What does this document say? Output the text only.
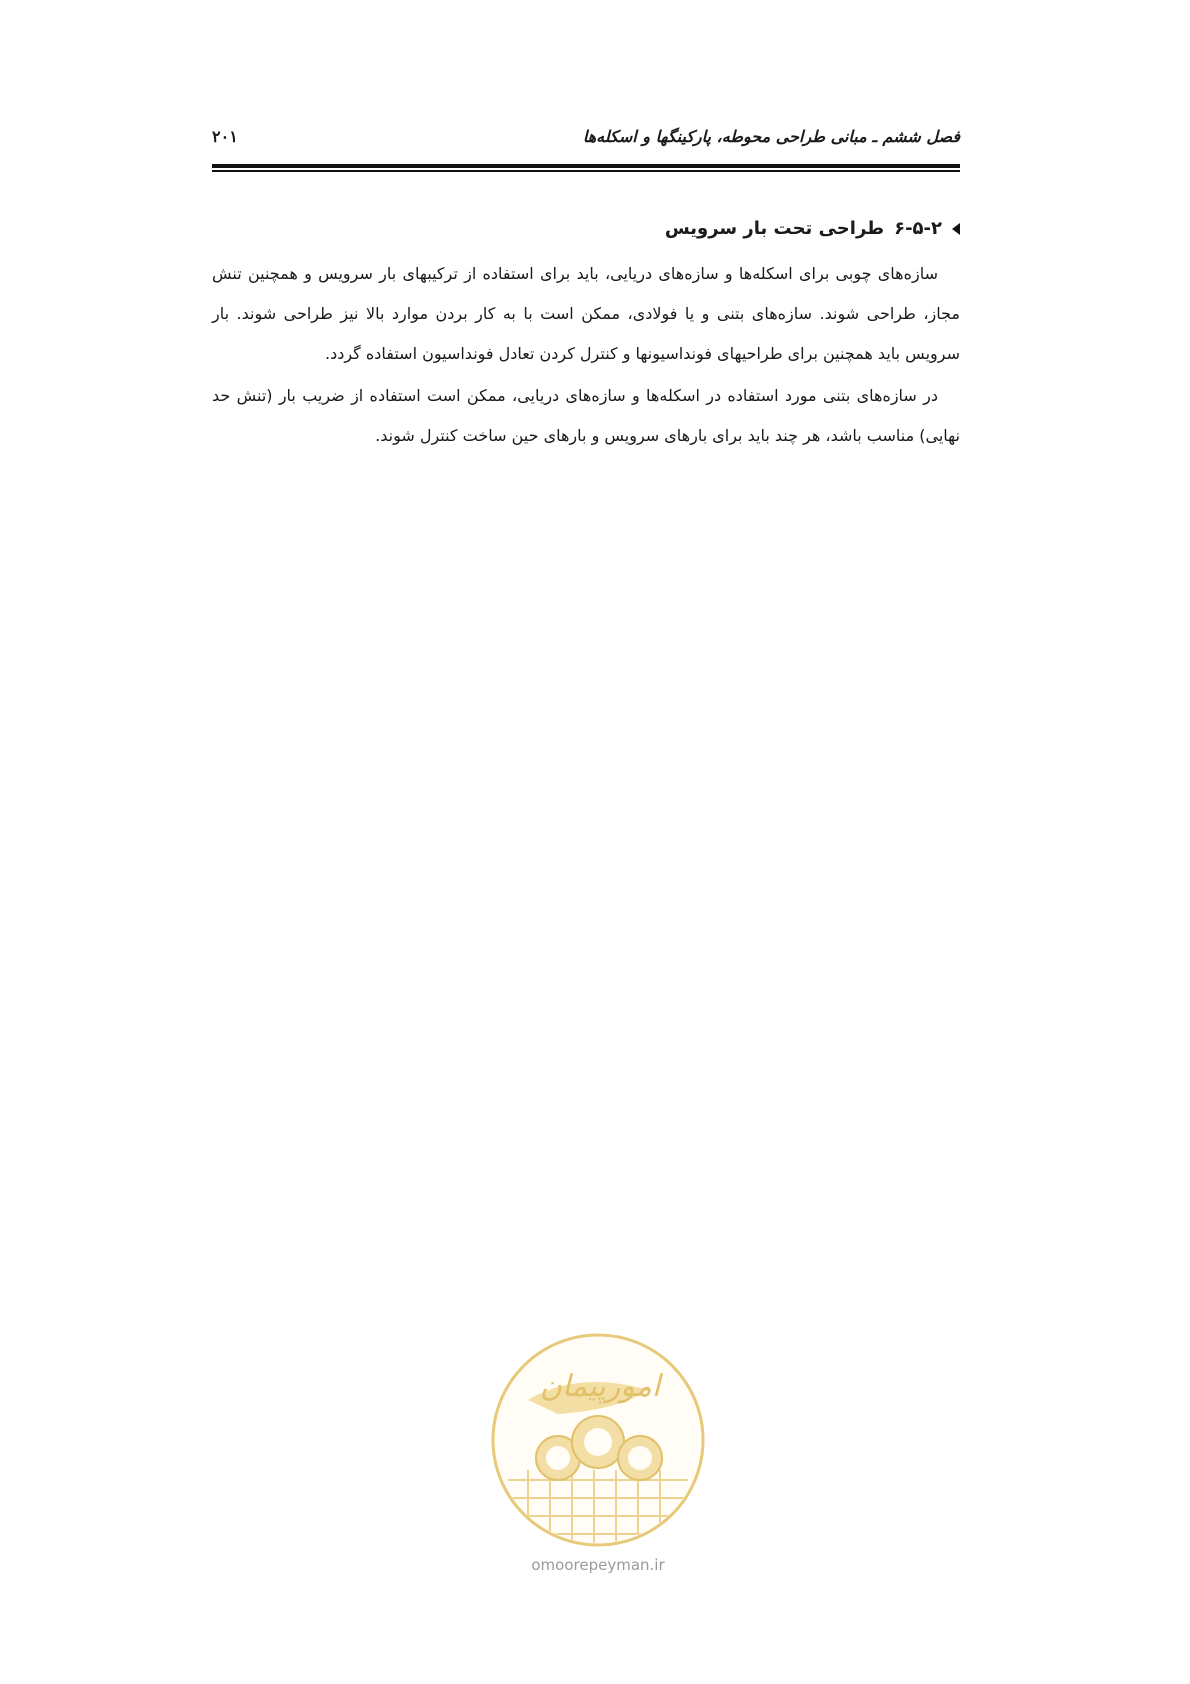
فصل ششم ـ مبانی طراحی محوطه، پارکینگها و اسکله‌ها
۲۰۱
۶-۵-۲
طراحی تحت بار سرویس

سازه‌های چوبی برای اسکله‌ها و سازه‌های دریایی، باید برای استفاده از ترکیبهای بار سرویس و همچنین تنش مجاز، طراحی شوند. سازه‌های بتنی و یا فولادی، ممکن است با به کار بردن موارد بالا نیز طراحی شوند. بار سرویس باید همچنین برای طراحیهای فونداسیونها و کنترل کردن تعادل فونداسیون استفاده گردد.

در سازه‌های بتنی مورد استفاده در اسکله‌ها و سازه‌های دریایی، ممکن است استفاده از ضریب بار (تنش حد نهایی) مناسب باشد، هر چند باید برای بارهای سرویس و بارهای حین ساخت کنترل شوند.

امورپیمان
omoorepeyman.ir
